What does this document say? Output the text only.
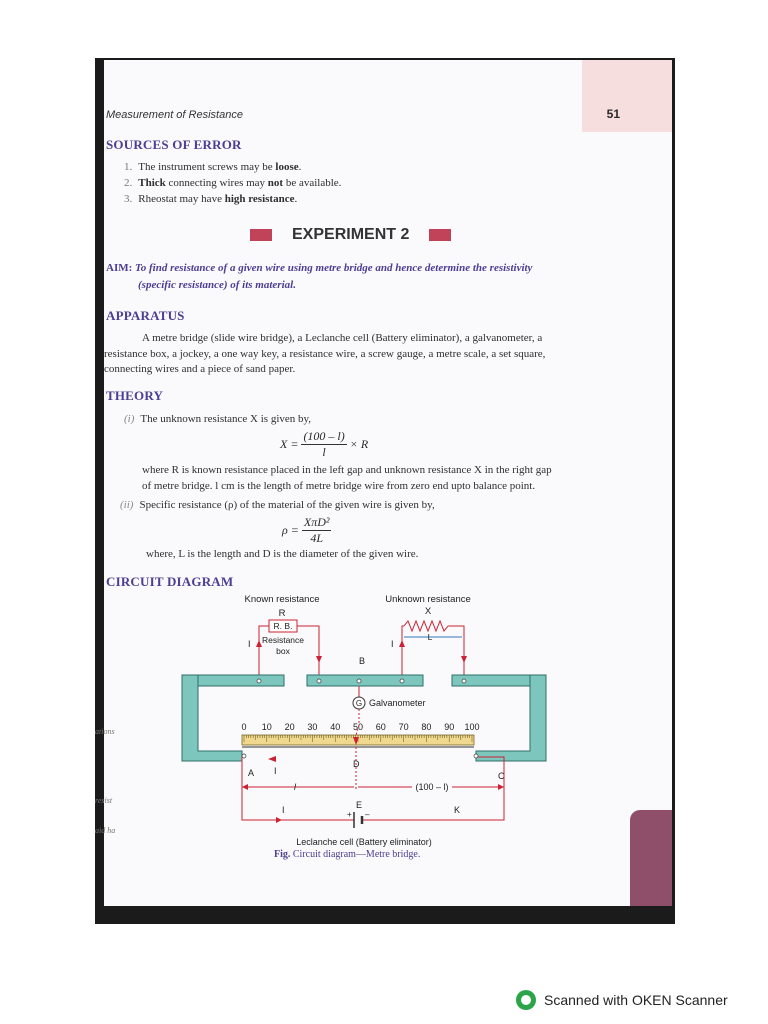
Measurement of Resistance	51
SOURCES OF ERROR
1. The instrument screws may be loose.
2. Thick connecting wires may not be available.
3. Rheostat may have high resistance.
EXPERIMENT 2
AIM: To find resistance of a given wire using metre bridge and hence determine the resistivity
(specific resistance) of its material.
APPARATUS
A metre bridge (slide wire bridge), a Leclanche cell (Battery eliminator), a galvanometer, a
resistance box, a jockey, a one way key, a resistance wire, a screw gauge, a metre scale, a set square,
connecting wires and a piece of sand paper.
THEORY
(i) The unknown resistance X is given by,
$X = \frac{(100 - l)}{l} \times R$
where R is known resistance placed in the left gap and unknown resistance X in the right gap
of metre bridge. l cm is the length of metre bridge wire from zero end upto balance point.
(ii) Specific resistance (ρ) of the material of the given wire is given by,
ρ =
XπD²
4L
where, L is the length and D is the diameter of the given wire.
CIRCUIT DIAGRAM
Known resistance
R
Unknown resistance
X
R. B.
Resistance
box
I	I
L
B
G Galvanometer
0 10 20 30 40 50 60 70 80 90 100
D
A	C
I
l	(100 – l)
E
+ –
I	K
Leclanche cell (Battery eliminator)
Fig. Circuit diagram—Metre bridge.
ations
resist
aid ha
Scanned with OKEN Scanner
